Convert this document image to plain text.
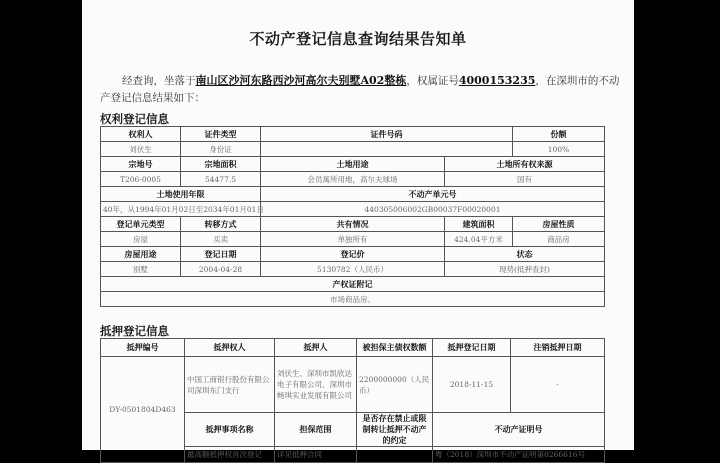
不动产登记信息查询结果告知单
经查询，坐落于南山区沙河东路西沙河高尔夫别墅A02整栋，权属证号4000153235，在深圳市的不动产登记信息结果如下：
权利登记信息
权利人	证件类型	证件号码		份额
刘伏生	身份证			100%
宗地号	宗地面积	土地用途	土地所有权来源	
T206-0005	54477.5	会员寓所用地，高尔夫球场	国有	
土地使用年限		不动产单元号		
40年，从1994年01月02日至2034年01月01日		440305006002GB00037F00020001		
登记单元类型	转移方式	共有情况	建筑面积	房屋性质
房屋	买卖	单独所有	424.04平方米	商品房
房屋用途	登记日期	登记价	状态	
别墅	2004-04-28	5130782（人民币）	现势(抵押查封)	
产权证附记				
市场商品房。				
抵押登记信息
抵押编号	抵押权人	抵押人	被担保主债权数额	抵押登记日期	注销抵押日期
DY-0501804D463	中国工商银行股份有限公司深圳东门支行	刘伏生、深圳市凯欣达电子有限公司、深圳市畅琪实业发展有限公司	2200000000（人民币）	2018-11-15	-
	抵押事项名称	担保范围	是否存在禁止或限制转让抵押不动产的约定	不动产证明号	
	最高额抵押权首次登记	详见抵押合同		粤（2018）深圳市不动产证明第0266616号	
